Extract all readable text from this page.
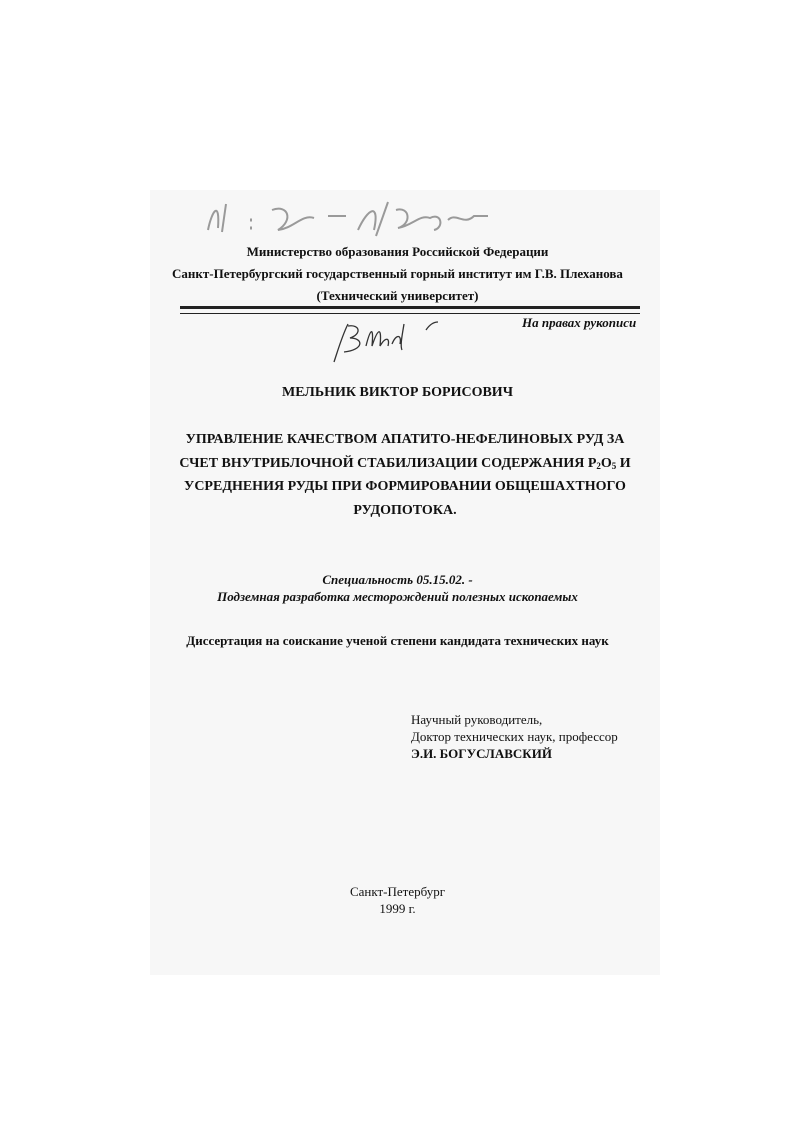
Министерство образования Российской Федерации
Санкт-Петербургский государственный горный институт им Г.В. Плеханова
(Технический университет)
На правах рукописи
МЕЛЬНИК ВИКТОР БОРИСОВИЧ
УПРАВЛЕНИЕ КАЧЕСТВОМ АПАТИТО-НЕФЕЛИНОВЫХ РУД ЗА
СЧЕТ ВНУТРИБЛОЧНОЙ СТАБИЛИЗАЦИИ СОДЕРЖАНИЯ $Р_2О_5$ И
УСРЕДНЕНИЯ РУДЫ ПРИ ФОРМИРОВАНИИ ОБЩЕШАХТНОГО
РУДОПОТОКА.
Специальность 05.15.02. -
Подземная разработка месторождений полезных ископаемых
Диссертация на соискание ученой степени кандидата технических наук
Научный руководитель,
Доктор технических наук, профессор
Э.И. БОГУСЛАВСКИЙ
Санкт-Петербург
1999 г.
